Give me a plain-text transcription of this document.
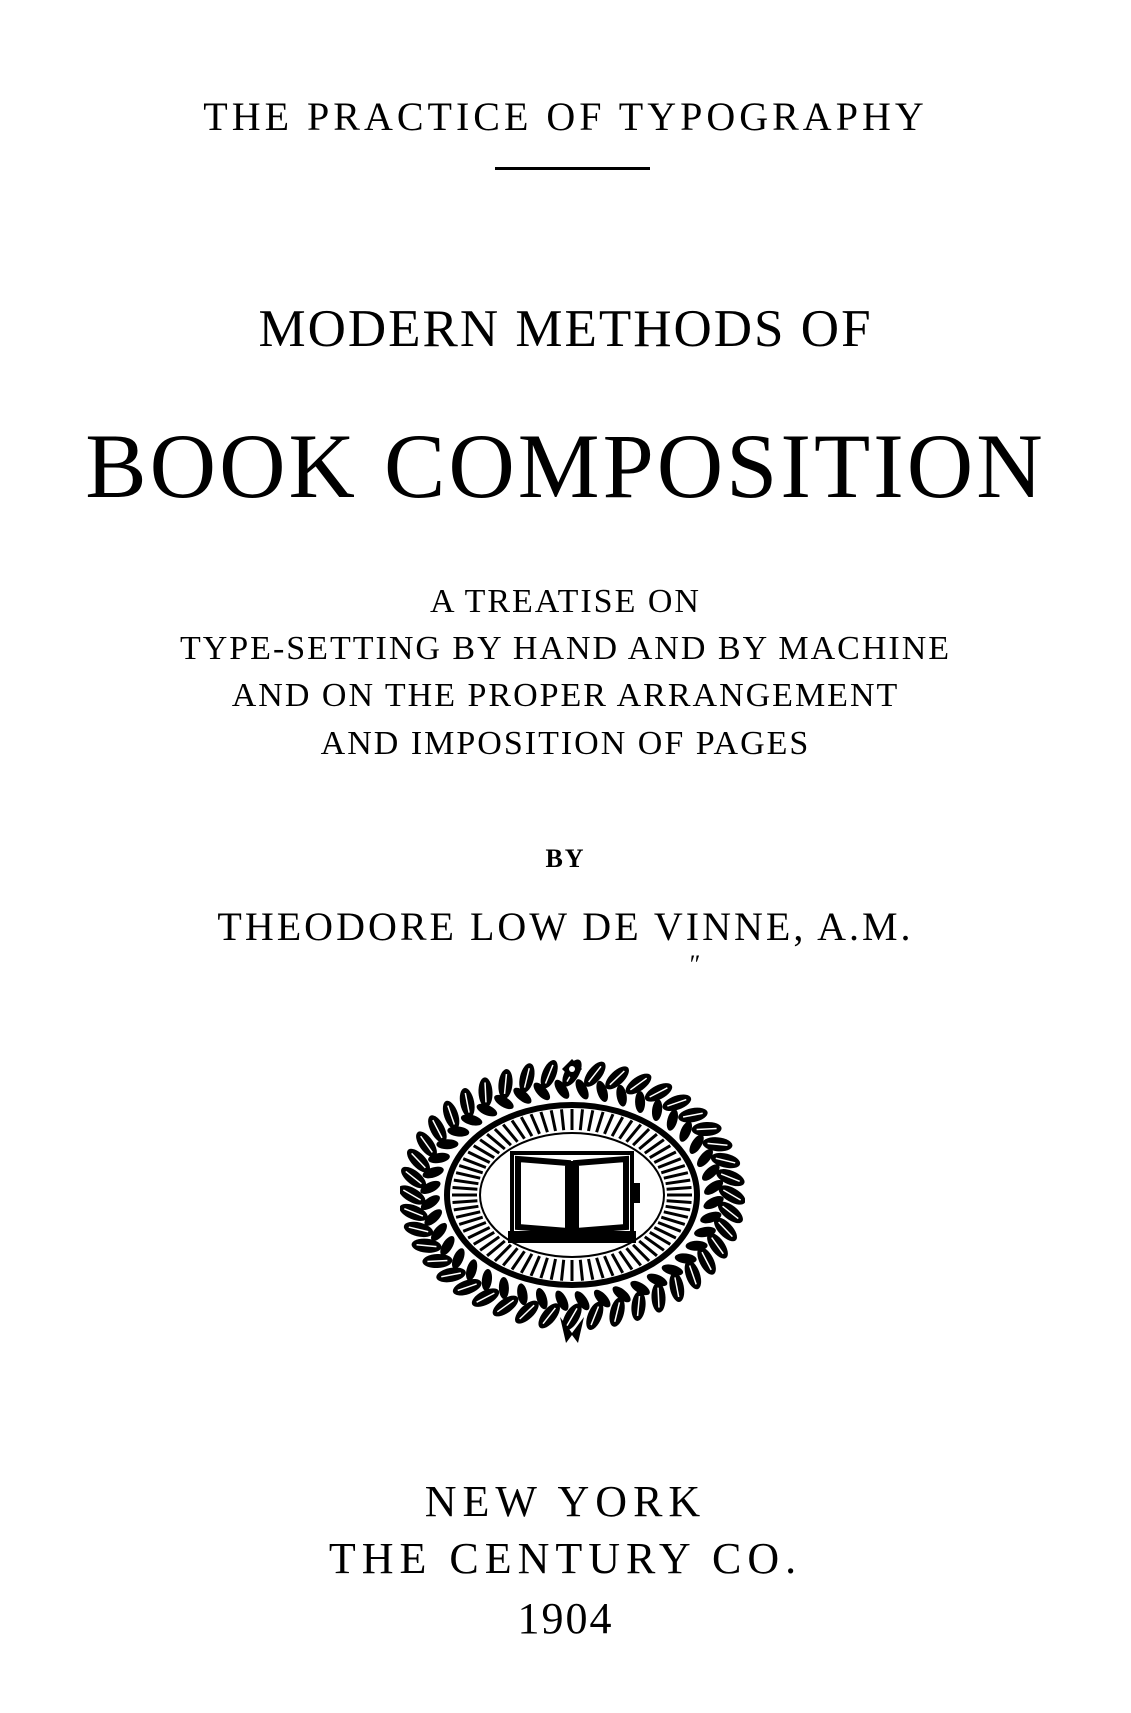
THE PRACTICE OF TYPOGRAPHY
MODERN METHODS OF
BOOK COMPOSITION
A TREATISE ON
TYPE-SETTING BY HAND AND BY MACHINE
AND ON THE PROPER ARRANGEMENT
AND IMPOSITION OF PAGES
BY
THEODORE LOW DE VINNE, A.M.
″
NEW YORK
THE CENTURY CO.
1904
